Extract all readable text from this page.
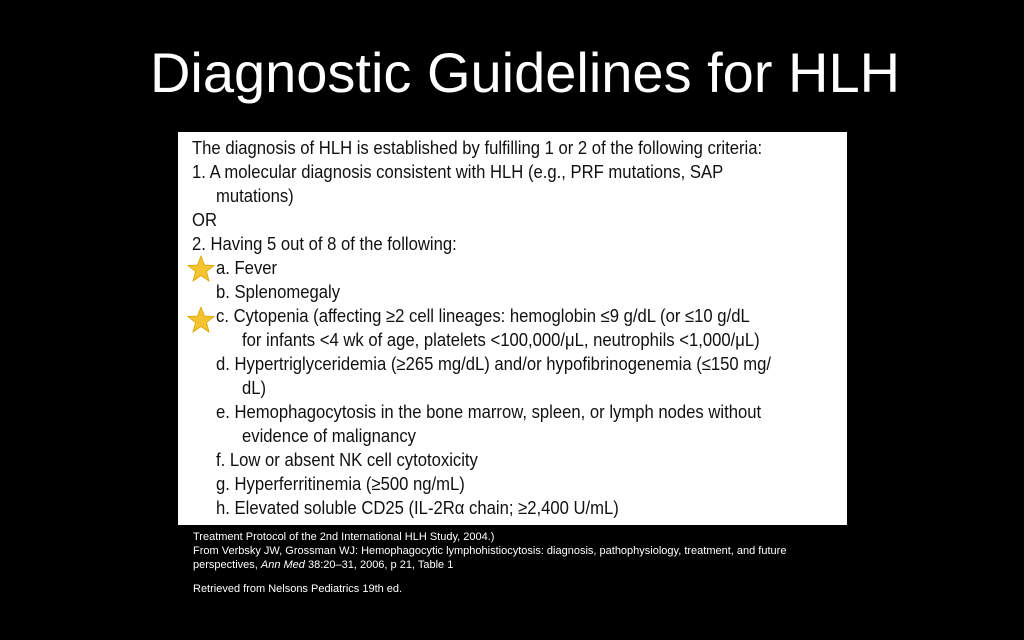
Diagnostic Guidelines for HLH
The diagnosis of HLH is established by fulfilling 1 or 2 of the following criteria:
1. A molecular diagnosis consistent with HLH (e.g., PRF mutations, SAP
mutations)
OR
2. Having 5 out of 8 of the following:
a. Fever
b. Splenomegaly
c. Cytopenia (affecting ≥2 cell lineages: hemoglobin ≤9 g/dL (or ≤10 g/dL
for infants <4 wk of age, platelets <100,000/μL, neutrophils <1,000/μL)
d. Hypertriglyceridemia (≥265 mg/dL) and/or hypofibrinogenemia (≤150 mg/
dL)
e. Hemophagocytosis in the bone marrow, spleen, or lymph nodes without
evidence of malignancy
f. Low or absent NK cell cytotoxicity
g. Hyperferritinemia (≥500 ng/mL)
h. Elevated soluble CD25 (IL-2Rα chain; ≥2,400 U/mL)

Treatment Protocol of the 2nd International HLH Study, 2004.)

From Verbsky JW, Grossman WJ: Hemophagocytic lymphohistiocytosis: diagnosis, pathophysiology, treatment, and future

perspectives, Ann Med 38:20–31, 2006, p 21, Table 1

Retrieved from Nelsons Pediatrics 19th ed.
